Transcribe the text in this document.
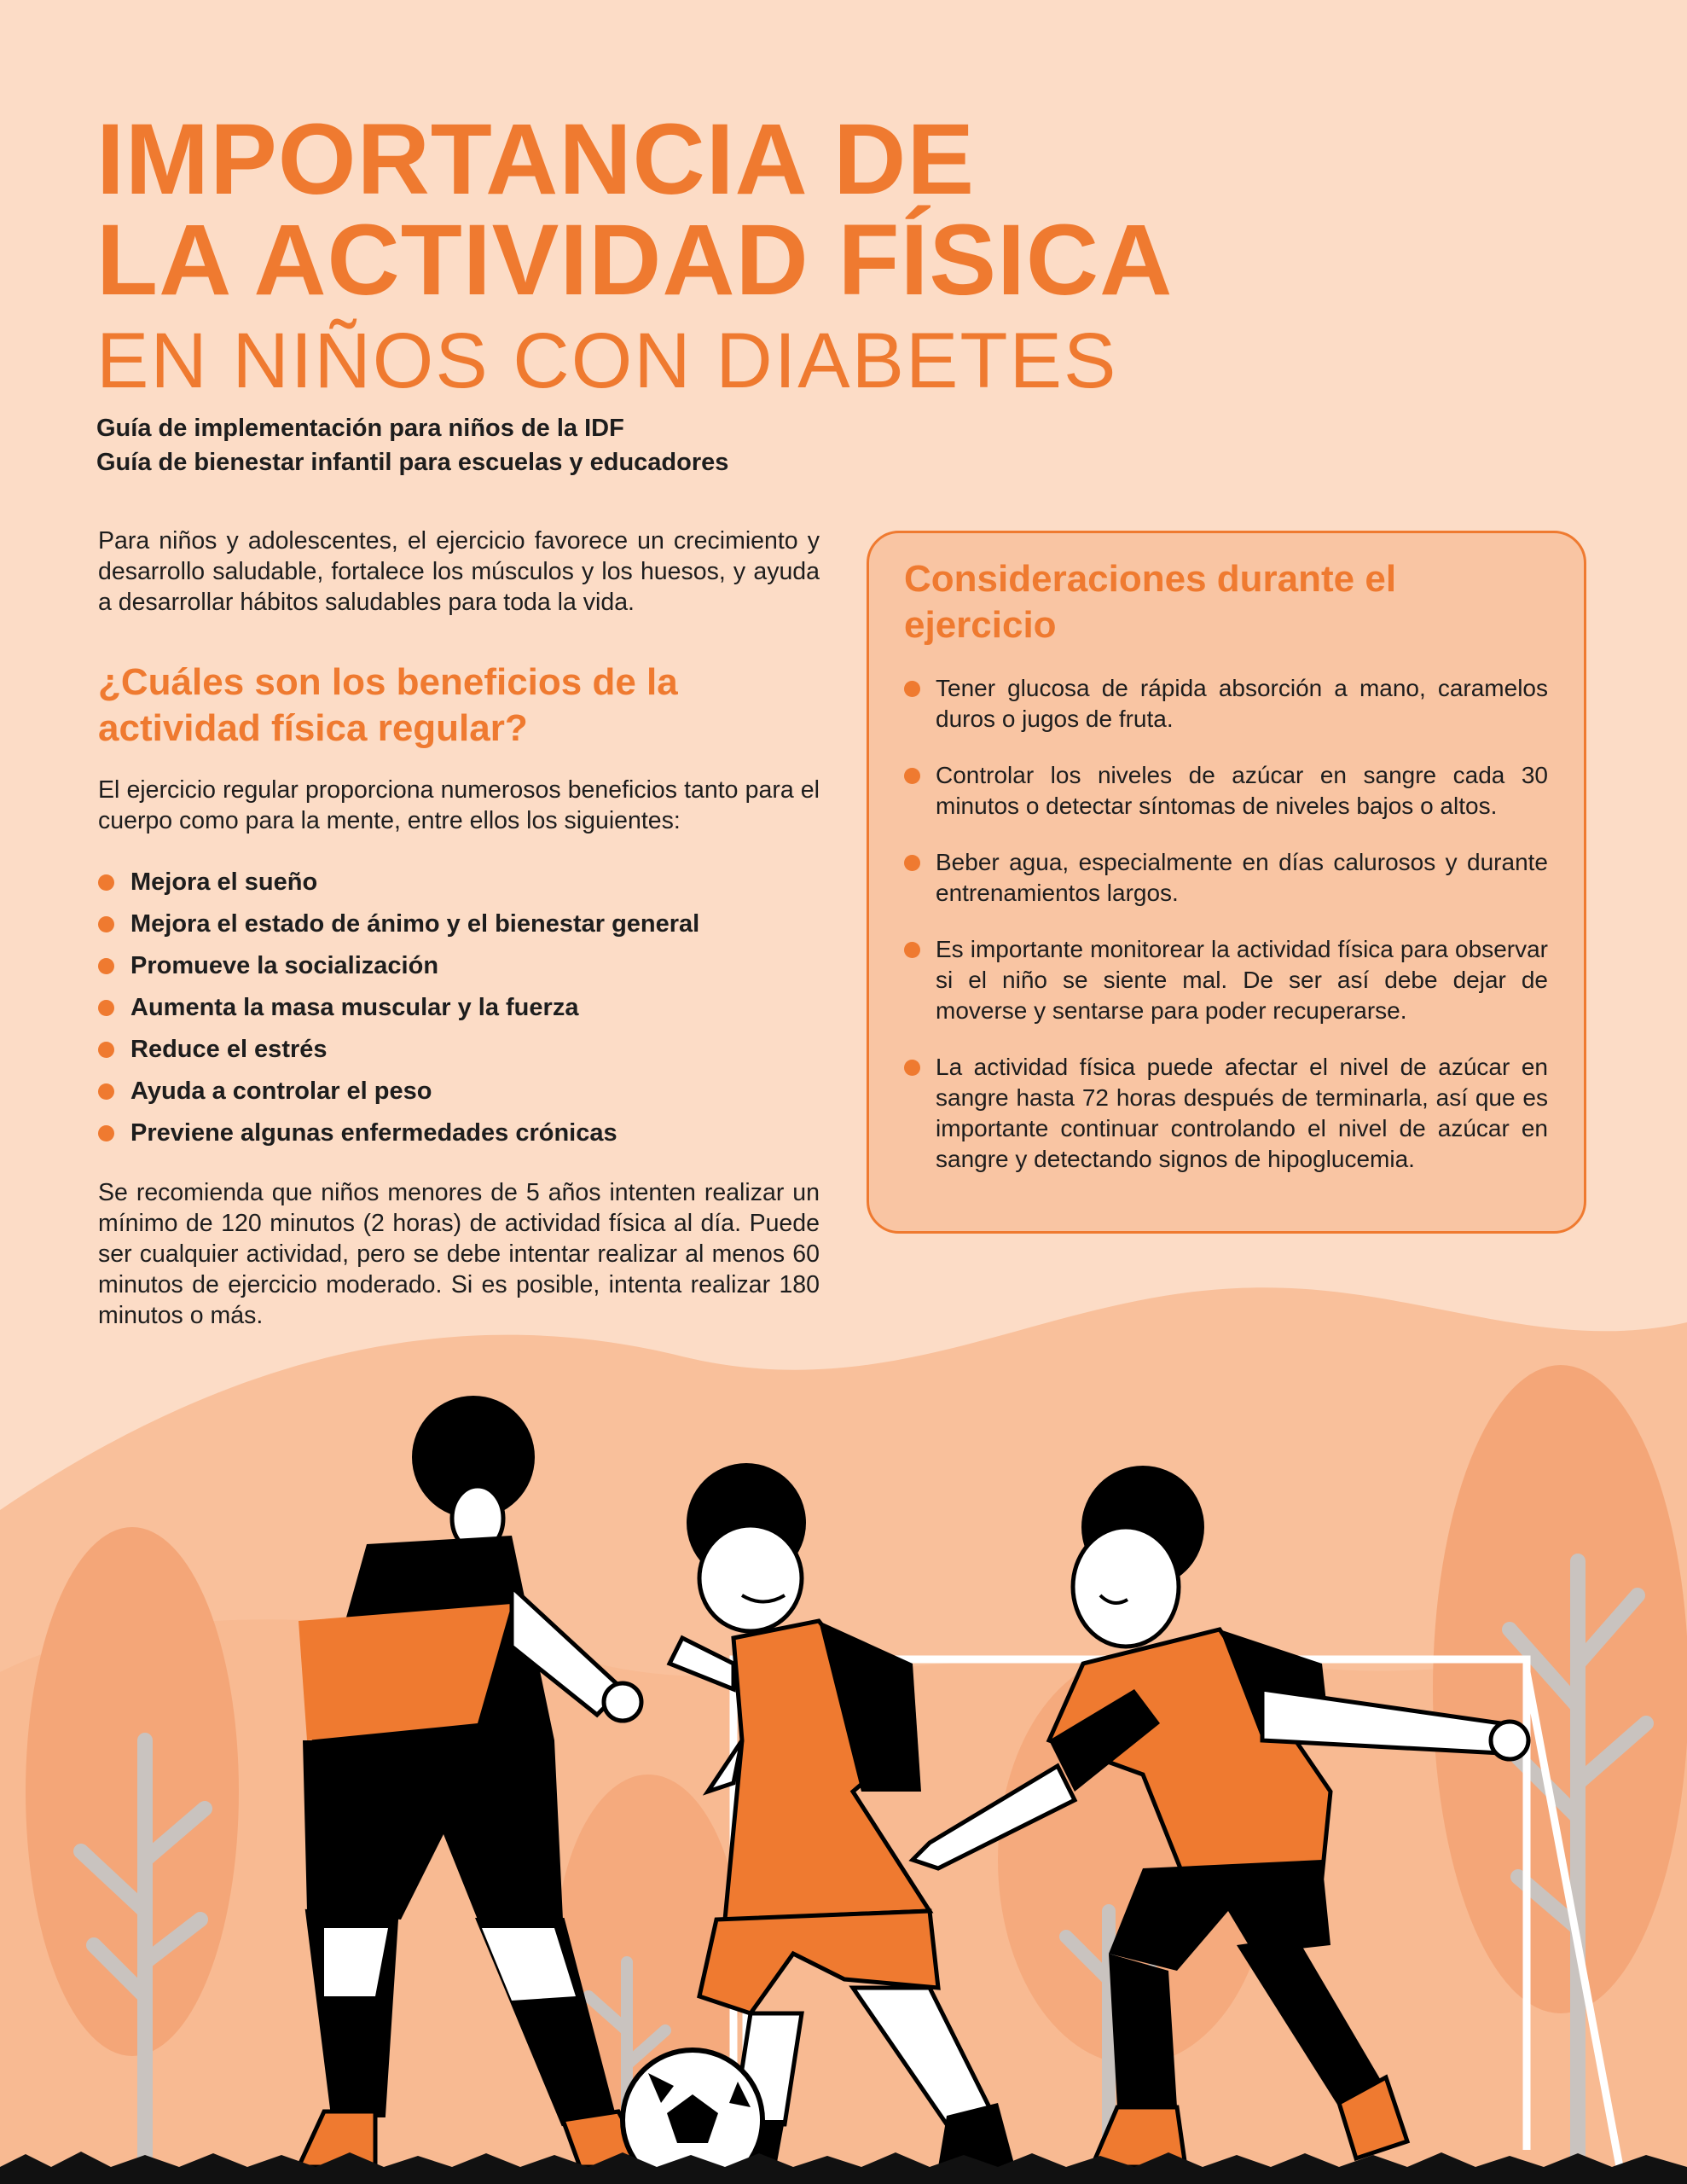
IMPORTANCIA DE
LA ACTIVIDAD FÍSICA
EN NIÑOS CON DIABETES
Guía de implementación para niños de la IDF
Guía de bienestar infantil para escuelas y educadores

Para niños y adolescentes, el ejercicio favorece un crecimiento y desarrollo saludable, fortalece los músculos y los huesos, y ayuda a desarrollar hábitos saludables para toda la vida.

¿Cuáles son los beneficios de la actividad física regular?

El ejercicio regular proporciona numerosos beneficios tanto para el cuerpo como para la mente, entre ellos los siguientes:

Mejora el sueño
Mejora el estado de ánimo y el bienestar general
Promueve la socialización
Aumenta la masa muscular y la fuerza
Reduce el estrés
Ayuda a controlar el peso
Previene algunas enfermedades crónicas

Se recomienda que niños menores de 5 años intenten realizar un mínimo de 120 minutos (2 horas) de actividad física al día. Puede ser cualquier actividad, pero se debe intentar realizar al menos 60 minutos de ejercicio moderado. Si es posible, intenta realizar 180 minutos o más.

Consideraciones durante el ejercicio
Tener glucosa de rápida absorción a mano, caramelos duros o jugos de fruta.
Controlar los niveles de azúcar en sangre cada 30 minutos o detectar síntomas de niveles bajos o altos.
Beber agua, especialmente en días calurosos y durante entrenamientos largos.
Es importante monitorear la actividad física para observar si el niño se siente mal. De ser así debe dejar de moverse y sentarse para poder recuperarse.
La actividad física puede afectar el nivel de azúcar en sangre hasta 72 horas después de terminarla, así que es importante continuar controlando el nivel de azúcar en sangre y detectando signos de hipoglucemia.
